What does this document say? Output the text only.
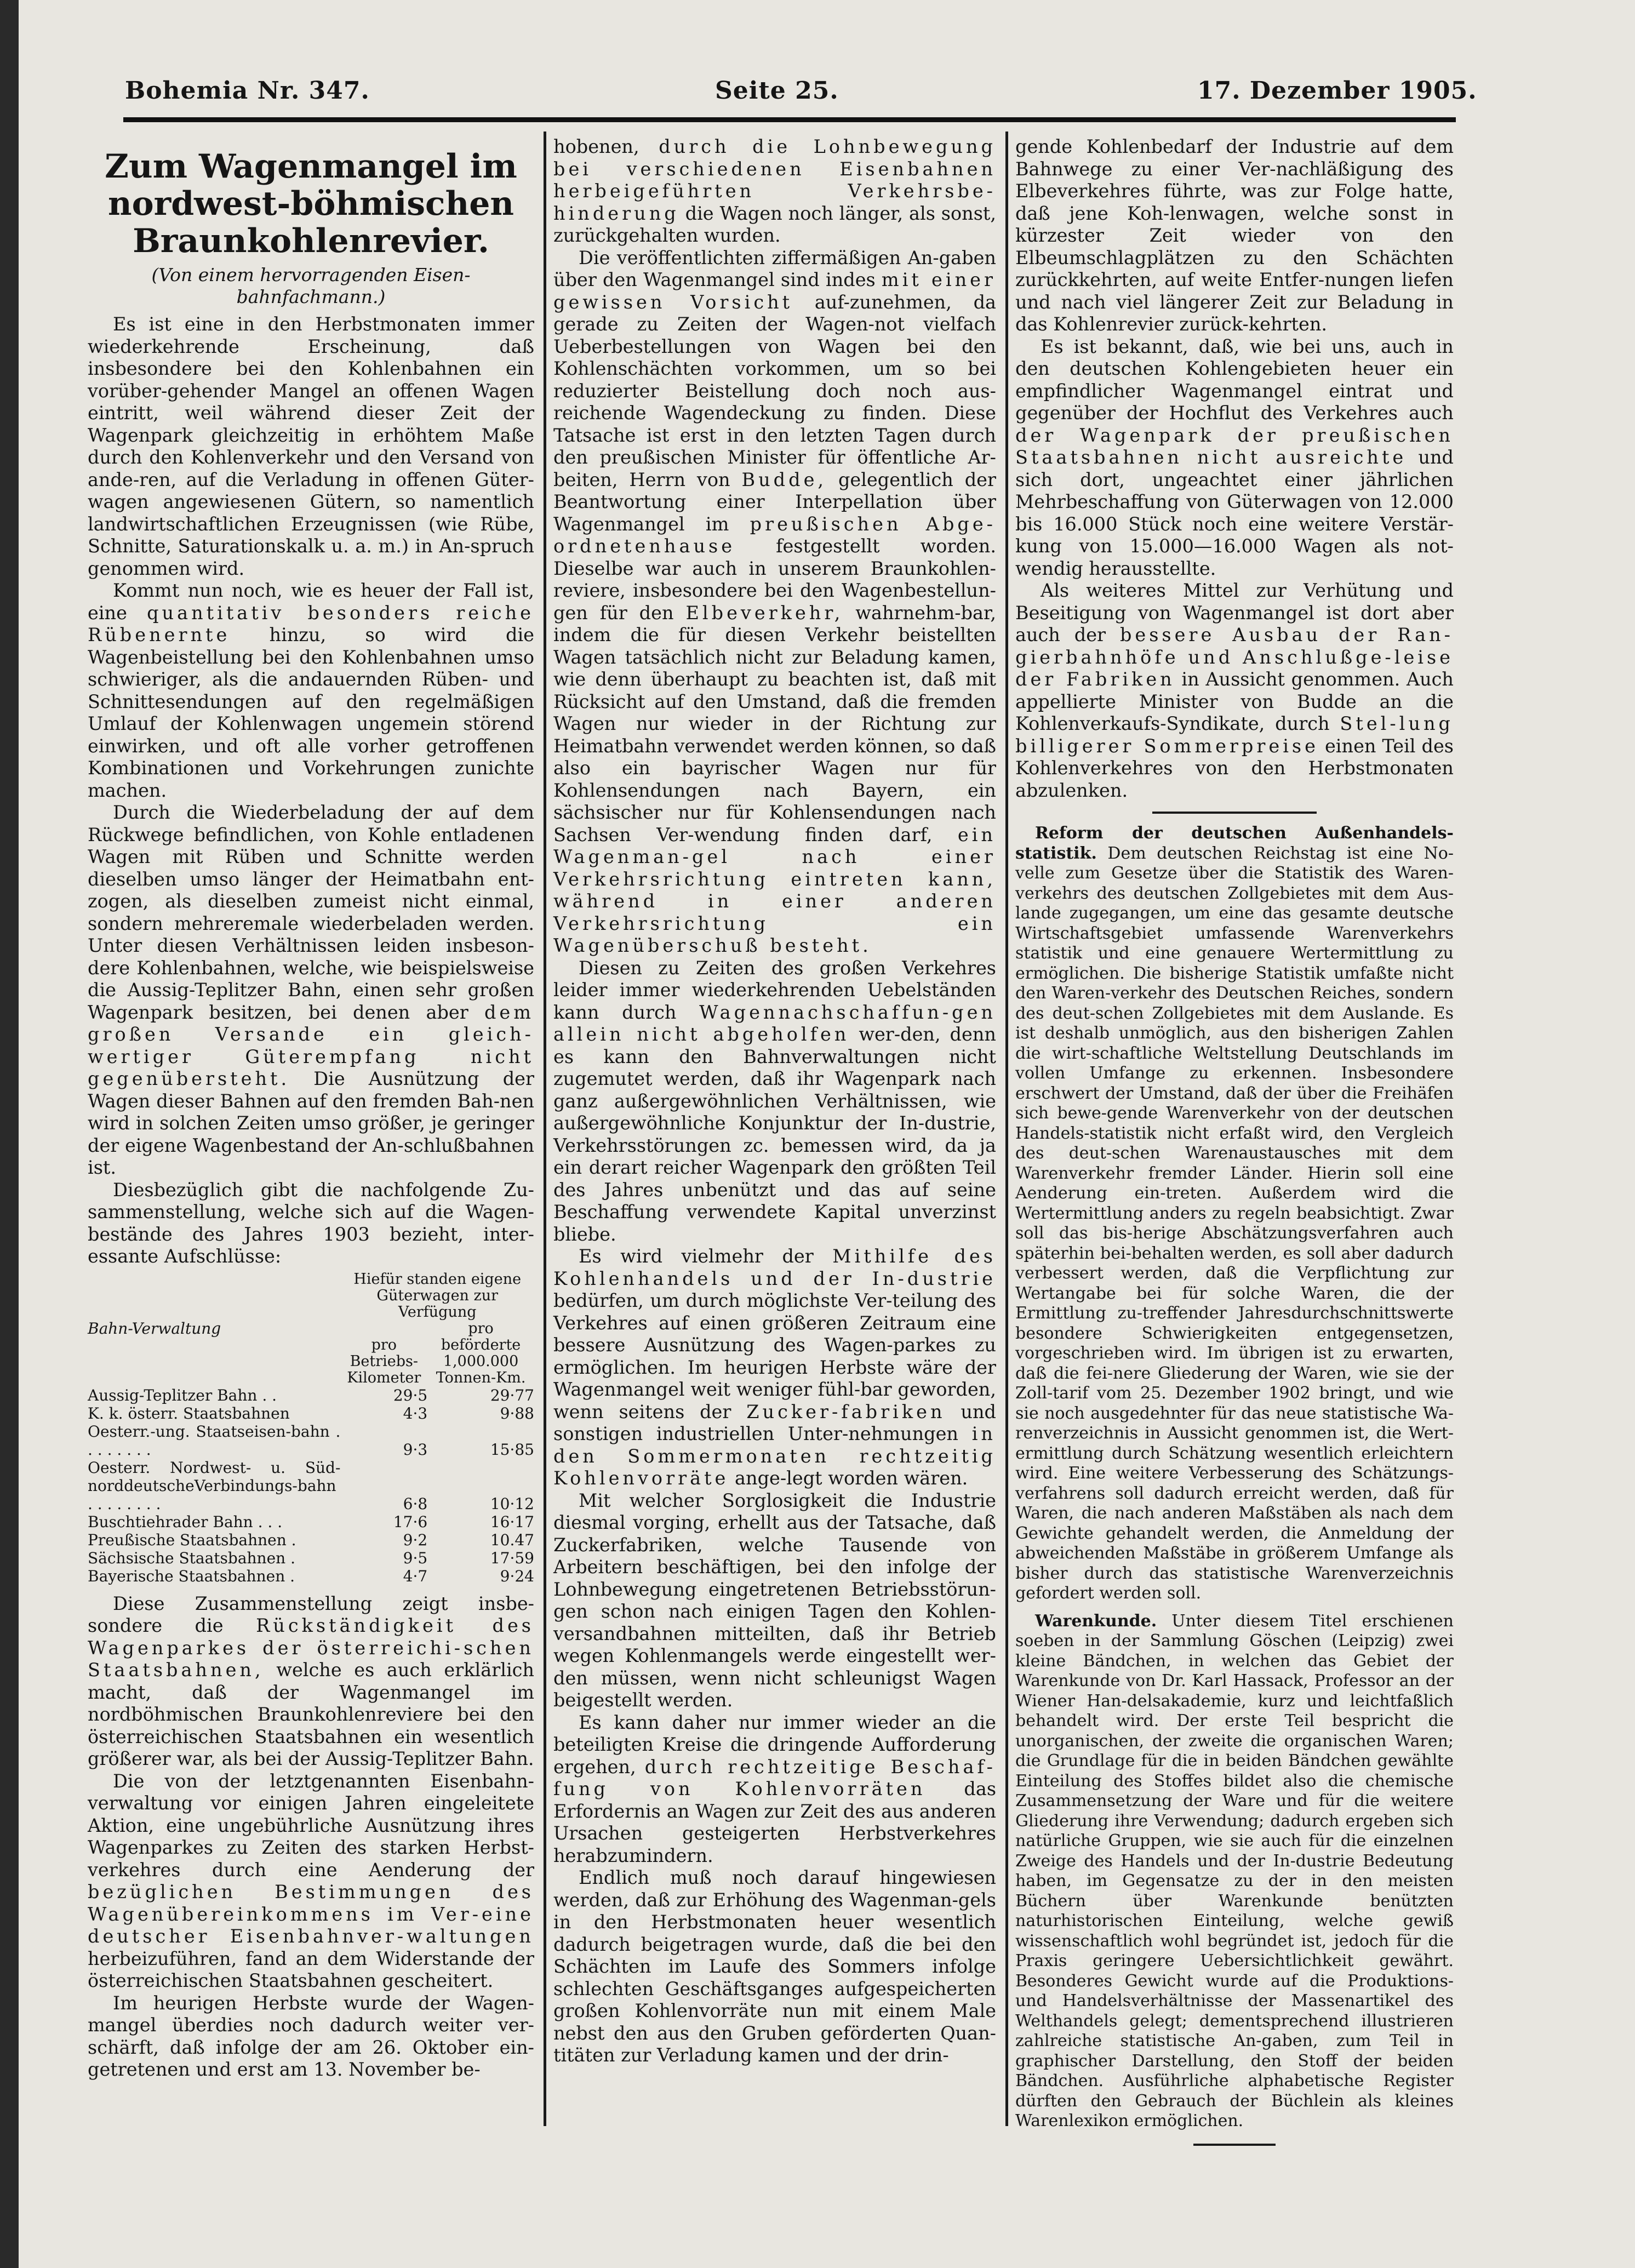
Bohemia Nr. 347.	Seite 25.	17. Dezember 1905.
Zum Wagenmangel im nordwest-böhmischen Braunkohlenrevier.
(Von einem hervorragenden Eisen-bahnfachmann.)

Es ist eine in den Herbstmonaten immer wiederkehrende Erscheinung, daß insbesondere bei den Kohlenbahnen ein vorüber-gehender Mangel an offenen Wagen eintritt, weil während dieser Zeit der Wagenpark gleichzeitig in erhöhtem Maße durch den Kohlenverkehr und den Versand von ande-ren, auf die Verladung in offenen Güter-wagen angewiesenen Gütern, so namentlich landwirtschaftlichen Erzeugnissen (wie Rübe, Schnitte, Saturationskalk u. a. m.) in An-spruch genommen wird.

Kommt nun noch, wie es heuer der Fall ist, eine quantitativ besonders reiche Rübenernte hinzu, so wird die Wagenbeistellung bei den Kohlenbahnen umso schwieriger, als die andauernden Rüben- und Schnittesendungen auf den regelmäßigen Umlauf der Kohlenwagen ungemein störend einwirken, und oft alle vorher getroffenen Kombinationen und Vorkehrungen zunichte machen.

Durch die Wiederbeladung der auf dem Rückwege befindlichen, von Kohle entladenen Wagen mit Rüben und Schnitte werden dieselben umso länger der Heimatbahn ent-zogen, als dieselben zumeist nicht einmal, sondern mehreremale wiederbeladen werden. Unter diesen Verhältnissen leiden insbeson-dere Kohlenbahnen, welche, wie beispielsweise die Aussig-Teplitzer Bahn, einen sehr großen Wagenpark besitzen, bei denen aber dem großen Versande ein gleich-wertiger Güterempfang nicht gegenübersteht. Die Ausnützung der Wagen dieser Bahnen auf den fremden Bah-nen wird in solchen Zeiten umso größer, je geringer der eigene Wagenbestand der An-schlußbahnen ist.

Diesbezüglich gibt die nachfolgende Zu-sammenstellung, welche sich auf die Wagen-bestände des Jahres 1903 bezieht, inter-essante Aufschlüsse:

Bahn-Verwaltung	Hiefür standen eigene Güterwagen zur Verfügung	
	pro Betriebs-Kilometer	pro beförderte 1,000.000 Tonnen-Km.
Aussig-Teplitzer Bahn . .	29·5	29·77
K. k. österr. Staatsbahnen	4·3	9·88
Oesterr.-ung. Staatseisen-bahn . . . . . . . .	9·3	15·85
Oesterr. Nordwest- u. Süd-norddeutscheVerbindungs-bahn . . . . . . . .	6·8	10·12
Buschtiehrader Bahn . . .	17·6	16·17
Preußische Staatsbahnen .	9·2	10.47
Sächsische Staatsbahnen .	9·5	17·59
Bayerische Staatsbahnen .	4·7	9·24

Diese Zusammenstellung zeigt insbe-sondere die Rückständigkeit des Wagenparkes der österreichi-schen Staatsbahnen, welche es auch erklärlich macht, daß der Wagenmangel im nordböhmischen Braunkohlenreviere bei den österreichischen Staatsbahnen ein wesentlich größerer war, als bei der Aussig-Teplitzer Bahn.

Die von der letztgenannten Eisenbahn-verwaltung vor einigen Jahren eingeleitete Aktion, eine ungebührliche Ausnützung ihres Wagenparkes zu Zeiten des starken Herbst-verkehres durch eine Aenderung der bezüglichen Bestimmungen des Wagenübereinkommens im Ver-eine deutscher Eisenbahnver-waltungen herbeizuführen, fand an dem Widerstande der österreichischen Staatsbahnen gescheitert.

Im heurigen Herbste wurde der Wagen-mangel überdies noch dadurch weiter ver-schärft, daß infolge der am 26. Oktober ein-getretenen und erst am 13. November be-

hobenen, durch die Lohnbewegung bei verschiedenen Eisenbahnen herbeigeführten Verkehrsbe-hinderung die Wagen noch länger, als sonst, zurückgehalten wurden.

Die veröffentlichten ziffermäßigen An-gaben über den Wagenmangel sind indes mit einer gewissen Vorsicht auf-zunehmen, da gerade zu Zeiten der Wagen-not vielfach Ueberbestellungen von Wagen bei den Kohlenschächten vorkommen, um so bei reduzierter Beistellung doch noch aus-reichende Wagendeckung zu finden. Diese Tatsache ist erst in den letzten Tagen durch den preußischen Minister für öffentliche Ar-beiten, Herrn von Budde, gelegentlich der Beantwortung einer Interpellation über Wagenmangel im preußischen Abge-ordnetenhause festgestellt worden. Dieselbe war auch in unserem Braunkohlen-reviere, insbesondere bei den Wagenbestellun-gen für den Elbeverkehr, wahrnehm-bar, indem die für diesen Verkehr beistellten Wagen tatsächlich nicht zur Beladung kamen, wie denn überhaupt zu beachten ist, daß mit Rücksicht auf den Umstand, daß die fremden Wagen nur wieder in der Richtung zur Heimatbahn verwendet werden können, so daß also ein bayrischer Wagen nur für Kohlensendungen nach Bayern, ein sächsischer nur für Kohlensendungen nach Sachsen Ver-wendung finden darf, ein Wagenman-gel nach einer Verkehrsrichtung eintreten kann, während in einer anderen Verkehrsrichtung ein Wagenüberschuß besteht.

Diesen zu Zeiten des großen Verkehres leider immer wiederkehrenden Uebelständen kann durch Wagennachschaffun-gen allein nicht abgeholfen wer-den, denn es kann den Bahnverwaltungen nicht zugemutet werden, daß ihr Wagenpark nach ganz außergewöhnlichen Verhältnissen, wie außergewöhnliche Konjunktur der In-dustrie, Verkehrsstörungen zc. bemessen wird, da ja ein derart reicher Wagenpark den größten Teil des Jahres unbenützt und das auf seine Beschaffung verwendete Kapital unverzinst bliebe.

Es wird vielmehr der Mithilfe des Kohlenhandels und der In-dustrie bedürfen, um durch möglichste Ver-teilung des Verkehres auf einen größeren Zeitraum eine bessere Ausnützung des Wagen-parkes zu ermöglichen. Im heurigen Herbste wäre der Wagenmangel weit weniger fühl-bar geworden, wenn seitens der Zucker-fabriken und sonstigen industriellen Unter-nehmungen in den Sommermonaten rechtzeitig Kohlenvorräte ange-legt worden wären.

Mit welcher Sorglosigkeit die Industrie diesmal vorging, erhellt aus der Tatsache, daß Zuckerfabriken, welche Tausende von Arbeitern beschäftigen, bei den infolge der Lohnbewegung eingetretenen Betriebsstörun-gen schon nach einigen Tagen den Kohlen-versandbahnen mitteilten, daß ihr Betrieb wegen Kohlenmangels werde eingestellt wer-den müssen, wenn nicht schleunigst Wagen beigestellt werden.

Es kann daher nur immer wieder an die beteiligten Kreise die dringende Aufforderung ergehen, durch rechtzeitige Beschaf-fung von Kohlenvorräten das Erfordernis an Wagen zur Zeit des aus anderen Ursachen gesteigerten Herbstverkehres herabzumindern.

Endlich muß noch darauf hingewiesen werden, daß zur Erhöhung des Wagenman-gels in den Herbstmonaten heuer wesentlich dadurch beigetragen wurde, daß die bei den Schächten im Laufe des Sommers infolge schlechten Geschäftsganges aufgespeicherten großen Kohlenvorräte nun mit einem Male nebst den aus den Gruben geförderten Quan-titäten zur Verladung kamen und der drin-

gende Kohlenbedarf der Industrie auf dem Bahnwege zu einer Ver-nachläßigung des Elbeverkehres führte, was zur Folge hatte, daß jene Koh-lenwagen, welche sonst in kürzester Zeit wieder von den Elbeumschlagplätzen zu den Schächten zurückkehrten, auf weite Entfer-nungen liefen und nach viel längerer Zeit zur Beladung in das Kohlenrevier zurück-kehrten.

Es ist bekannt, daß, wie bei uns, auch in den deutschen Kohlengebieten heuer ein empfindlicher Wagenmangel eintrat und gegenüber der Hochflut des Verkehres auch der Wagenpark der preußischen Staatsbahnen nicht ausreichte und sich dort, ungeachtet einer jährlichen Mehrbeschaffung von Güterwagen von 12.000 bis 16.000 Stück noch eine weitere Verstär-kung von 15.000—16.000 Wagen als not-wendig herausstellte.

Als weiteres Mittel zur Verhütung und Beseitigung von Wagenmangel ist dort aber auch der bessere Ausbau der Ran-gierbahnhöfe und Anschlußge-leise der Fabriken in Aussicht genommen. Auch appellierte Minister von Budde an die Kohlenverkaufs-Syndikate, durch Stel-lung billigerer Sommerpreise einen Teil des Kohlenverkehres von den Herbstmonaten abzulenken.

Reform der deutschen Außenhandels-statistik. Dem deutschen Reichstag ist eine No-velle zum Gesetze über die Statistik des Waren-verkehrs des deutschen Zollgebietes mit dem Aus-lande zugegangen, um eine das gesamte deutsche Wirtschaftsgebiet umfassende Warenverkehrs statistik und eine genauere Wertermittlung zu ermöglichen. Die bisherige Statistik umfaßte nicht den Waren-verkehr des Deutschen Reiches, sondern des deut-schen Zollgebietes mit dem Auslande. Es ist deshalb unmöglich, aus den bisherigen Zahlen die wirt-schaftliche Weltstellung Deutschlands im vollen Umfange zu erkennen. Insbesondere erschwert der Umstand, daß der über die Freihäfen sich bewe-gende Warenverkehr von der deutschen Handels-statistik nicht erfaßt wird, den Vergleich des deut-schen Warenaustausches mit dem Warenverkehr fremder Länder. Hierin soll eine Aenderung ein-treten. Außerdem wird die Wertermittlung anders zu regeln beabsichtigt. Zwar soll das bis-herige Abschätzungsverfahren auch späterhin bei-behalten werden, es soll aber dadurch verbessert werden, daß die Verpflichtung zur Wertangabe bei für solche Waren, die der Ermittlung zu-treffender Jahresdurchschnittswerte besondere Schwierigkeiten entgegensetzen, vorgeschrieben wird. Im übrigen ist zu erwarten, daß die fei-nere Gliederung der Waren, wie sie der Zoll-tarif vom 25. Dezember 1902 bringt, und wie sie noch ausgedehnter für das neue statistische Wa-renverzeichnis in Aussicht genommen ist, die Wert-ermittlung durch Schätzung wesentlich erleichtern wird. Eine weitere Verbesserung des Schätzungs-verfahrens soll dadurch erreicht werden, daß für Waren, die nach anderen Maßstäben als nach dem Gewichte gehandelt werden, die Anmeldung der abweichenden Maßstäbe in größerem Umfange als bisher durch das statistische Warenverzeichnis gefordert werden soll.

Warenkunde. Unter diesem Titel erschienen soeben in der Sammlung Göschen (Leipzig) zwei kleine Bändchen, in welchen das Gebiet der Warenkunde von Dr. Karl Hassack, Professor an der Wiener Han-delsakademie, kurz und leichtfaßlich behandelt wird. Der erste Teil bespricht die unorganischen, der zweite die organischen Waren; die Grundlage für die in beiden Bändchen gewählte Einteilung des Stoffes bildet also die chemische Zusammensetzung der Ware und für die weitere Gliederung ihre Verwendung; dadurch ergeben sich natürliche Gruppen, wie sie auch für die einzelnen Zweige des Handels und der In-dustrie Bedeutung haben, im Gegensatze zu der in den meisten Büchern über Warenkunde benützten naturhistorischen Einteilung, welche gewiß wissenschaftlich wohl begründet ist, jedoch für die Praxis geringere Uebersichtlichkeit gewährt. Besonderes Gewicht wurde auf die Produktions- und Handelsverhältnisse der Massenartikel des Welthandels gelegt; dementsprechend illustrieren zahlreiche statistische An-gaben, zum Teil in graphischer Darstellung, den Stoff der beiden Bändchen. Ausführliche alphabetische Register dürften den Gebrauch der Büchlein als kleines Warenlexikon ermöglichen.
